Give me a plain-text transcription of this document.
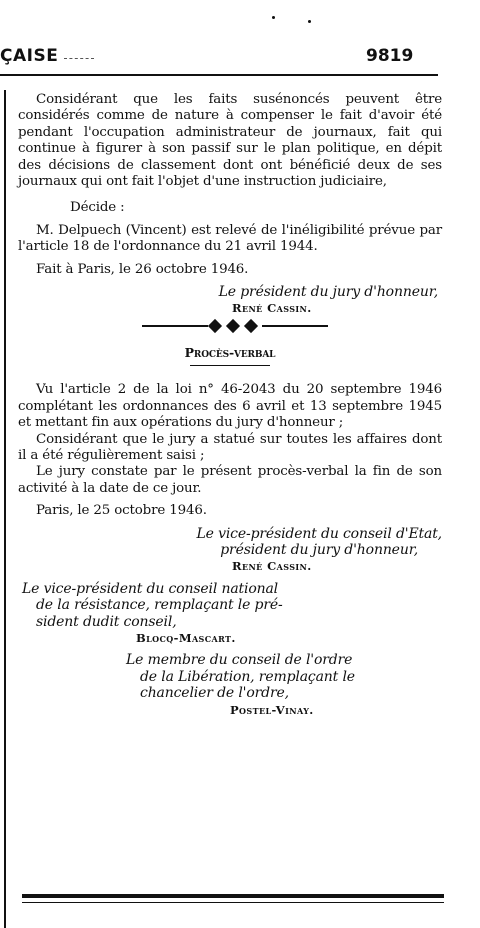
ÇAISE	9819

Considérant que les faits susénoncés peuvent être considérés comme de nature à compenser le fait d'avoir été pendant l'occupation administrateur de journaux, fait qui continue à figurer à son passif sur le plan politique, en dépit des décisions de classement dont ont bénéficié deux de ses journaux qui ont fait l'objet d'une instruction judiciaire,

Décide :

M. Delpuech (Vincent) est relevé de l'inéligibilité prévue par l'article 18 de l'ordonnance du 21 avril 1944.

Fait à Paris, le 26 octobre 1946.

Le président du jury d'honneur,

René Cassin.

Procès-verbal

Vu l'article 2 de la loi n° 46-2043 du 20 septembre 1946 complétant les ordonnances des 6 avril et 13 septembre 1945 et mettant fin aux opérations du jury d'honneur ;

Considérant que le jury a statué sur toutes les affaires dont il a été régulièrement saisi ;

Le jury constate par le présent procès-verbal la fin de son activité à la date de ce jour.

Paris, le 25 octobre 1946.

Le vice-président du conseil d'Etat,

président du jury d'honneur,

René Cassin.

Le vice-président du conseil national

de la résistance, remplaçant le pré-

sident dudit conseil,

Blocq-Mascart.

Le membre du conseil de l'ordre

de la Libération, remplaçant le

chancelier de l'ordre,

Postel-Vinay.
